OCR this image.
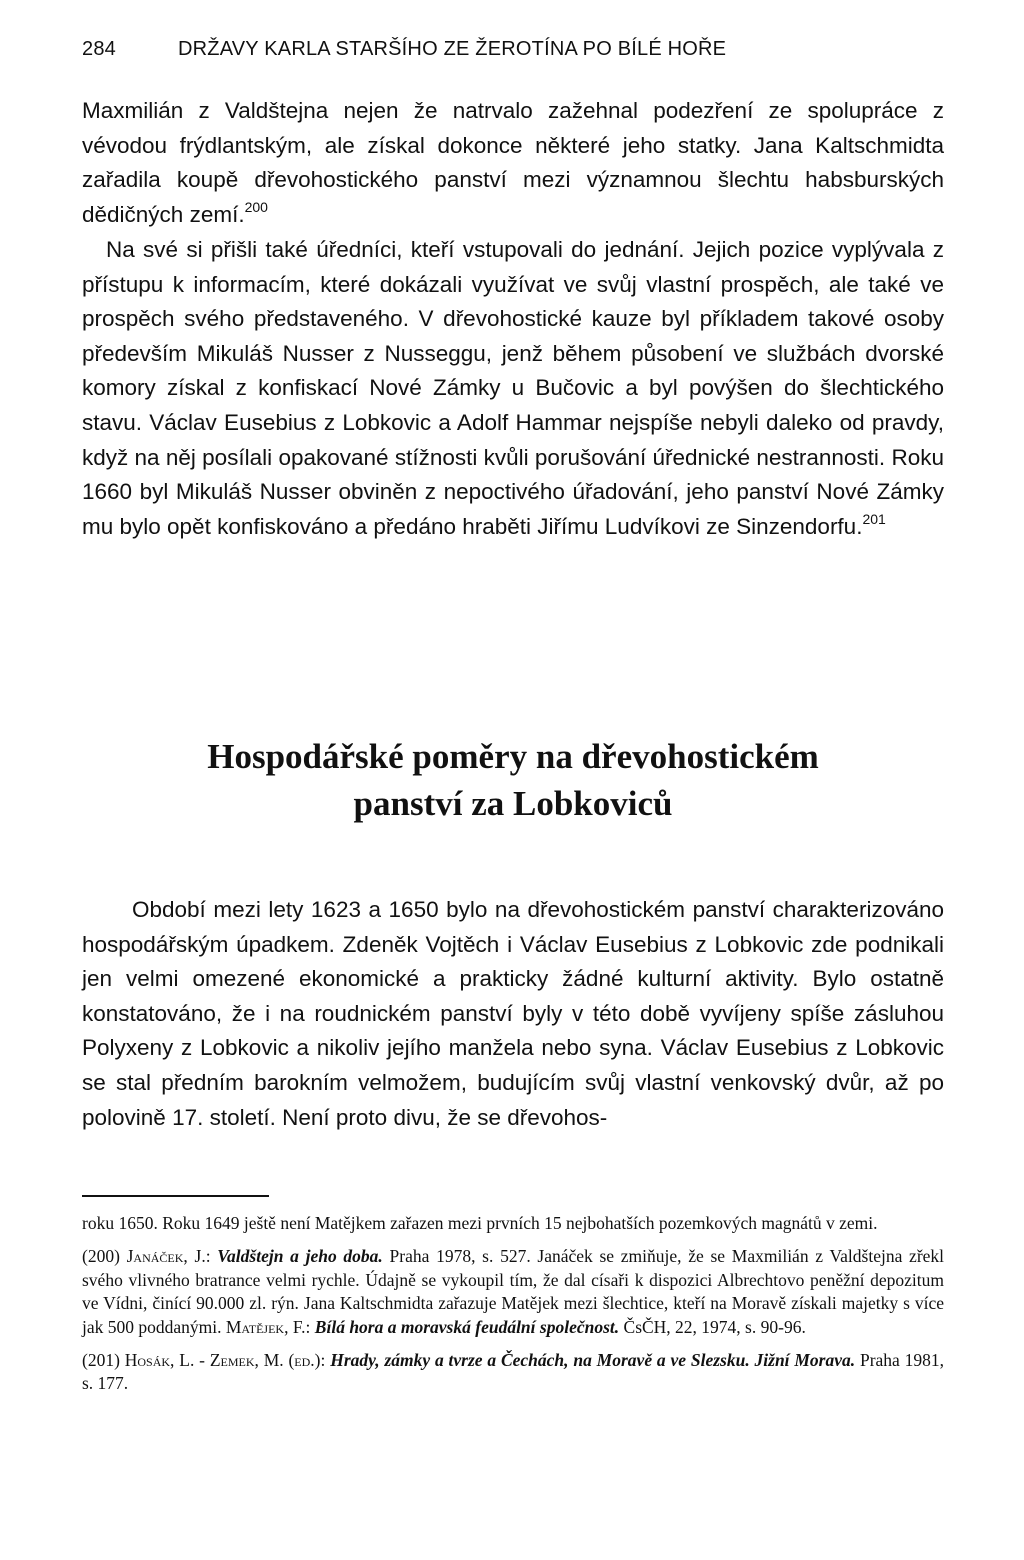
284	DRŽAVY KARLA STARŠÍHO ZE ŽEROTÍNA PO BÍLÉ HOŘE

Maxmilián z Valdštejna nejen že natrvalo zažehnal podezření ze spolupráce z vévodou frýdlantským, ale získal dokonce některé jeho statky. Jana Kaltschmidta zařadila koupě dřevohostického panství mezi významnou šlechtu habsburských dědičných zemí.$^{200}$

Na své si přišli také úředníci, kteří vstupovali do jednání. Jejich pozice vyplývala z přístupu k informacím, které dokázali využívat ve svůj vlastní prospěch, ale také ve prospěch svého představeného. V dřevohostické kauze byl příkladem takové osoby především Mikuláš Nusser z Nusseggu, jenž během působení ve službách dvorské komory získal z konfiskací Nové Zámky u Bučovic a byl povýšen do šlechtického stavu. Václav Eusebius z Lobkovic a Adolf Hammar nejspíše nebyli daleko od pravdy, když na něj posílali opakované stížnosti kvůli porušování úřednické nestrannosti. Roku 1660 byl Mikuláš Nusser obviněn z nepoctivého úřadování, jeho panství Nové Zámky mu bylo opět konfiskováno a předáno hraběti Jiřímu Ludvíkovi ze Sinzendorfu.$^{201}$

Hospodářské poměry na dřevohostickém
panství za Lobkoviců

Období mezi lety 1623 a 1650 bylo na dřevohostickém panství charakterizováno hospodářským úpadkem. Zdeněk Vojtěch i Václav Eusebius z Lobkovic zde podnikali jen velmi omezené ekonomické a prakticky žádné kulturní aktivity. Bylo ostatně konstatováno, že i na roudnickém panství byly v této době vyvíjeny spíše zásluhou Polyxeny z Lobkovic a nikoliv jejího manžela nebo syna. Václav Eusebius z Lobkovic se stal předním barokním velmožem, budujícím svůj vlastní venkovský dvůr, až po polovině 17. století. Není proto divu, že se dřevohos-

roku 1650. Roku 1649 ještě není Matějkem zařazen mezi prvních 15 nejbohatších pozemkových magnátů v zemi.

(200) Janáček, J.: Valdštejn a jeho doba. Praha 1978, s. 527. Janáček se zmiňuje, že se Maxmilián z Valdštejna zřekl svého vlivného bratrance velmi rychle. Údajně se vykoupil tím, že dal císaři k dispozici Albrechtovo peněžní depozitum ve Vídni, činící 90.000 zl. rýn. Jana Kaltschmidta zařazuje Matějek mezi šlechtice, kteří na Moravě získali majetky s více jak 500 poddanými. Matějek, F.: Bílá hora a moravská feudální společnost. ČsČH, 22, 1974, s. 90-96.

(201) Hosák, L. - Zemek, M. (ed.): Hrady, zámky a tvrze a Čechách, na Moravě a ve Slezsku. Jižní Morava. Praha 1981, s. 177.
